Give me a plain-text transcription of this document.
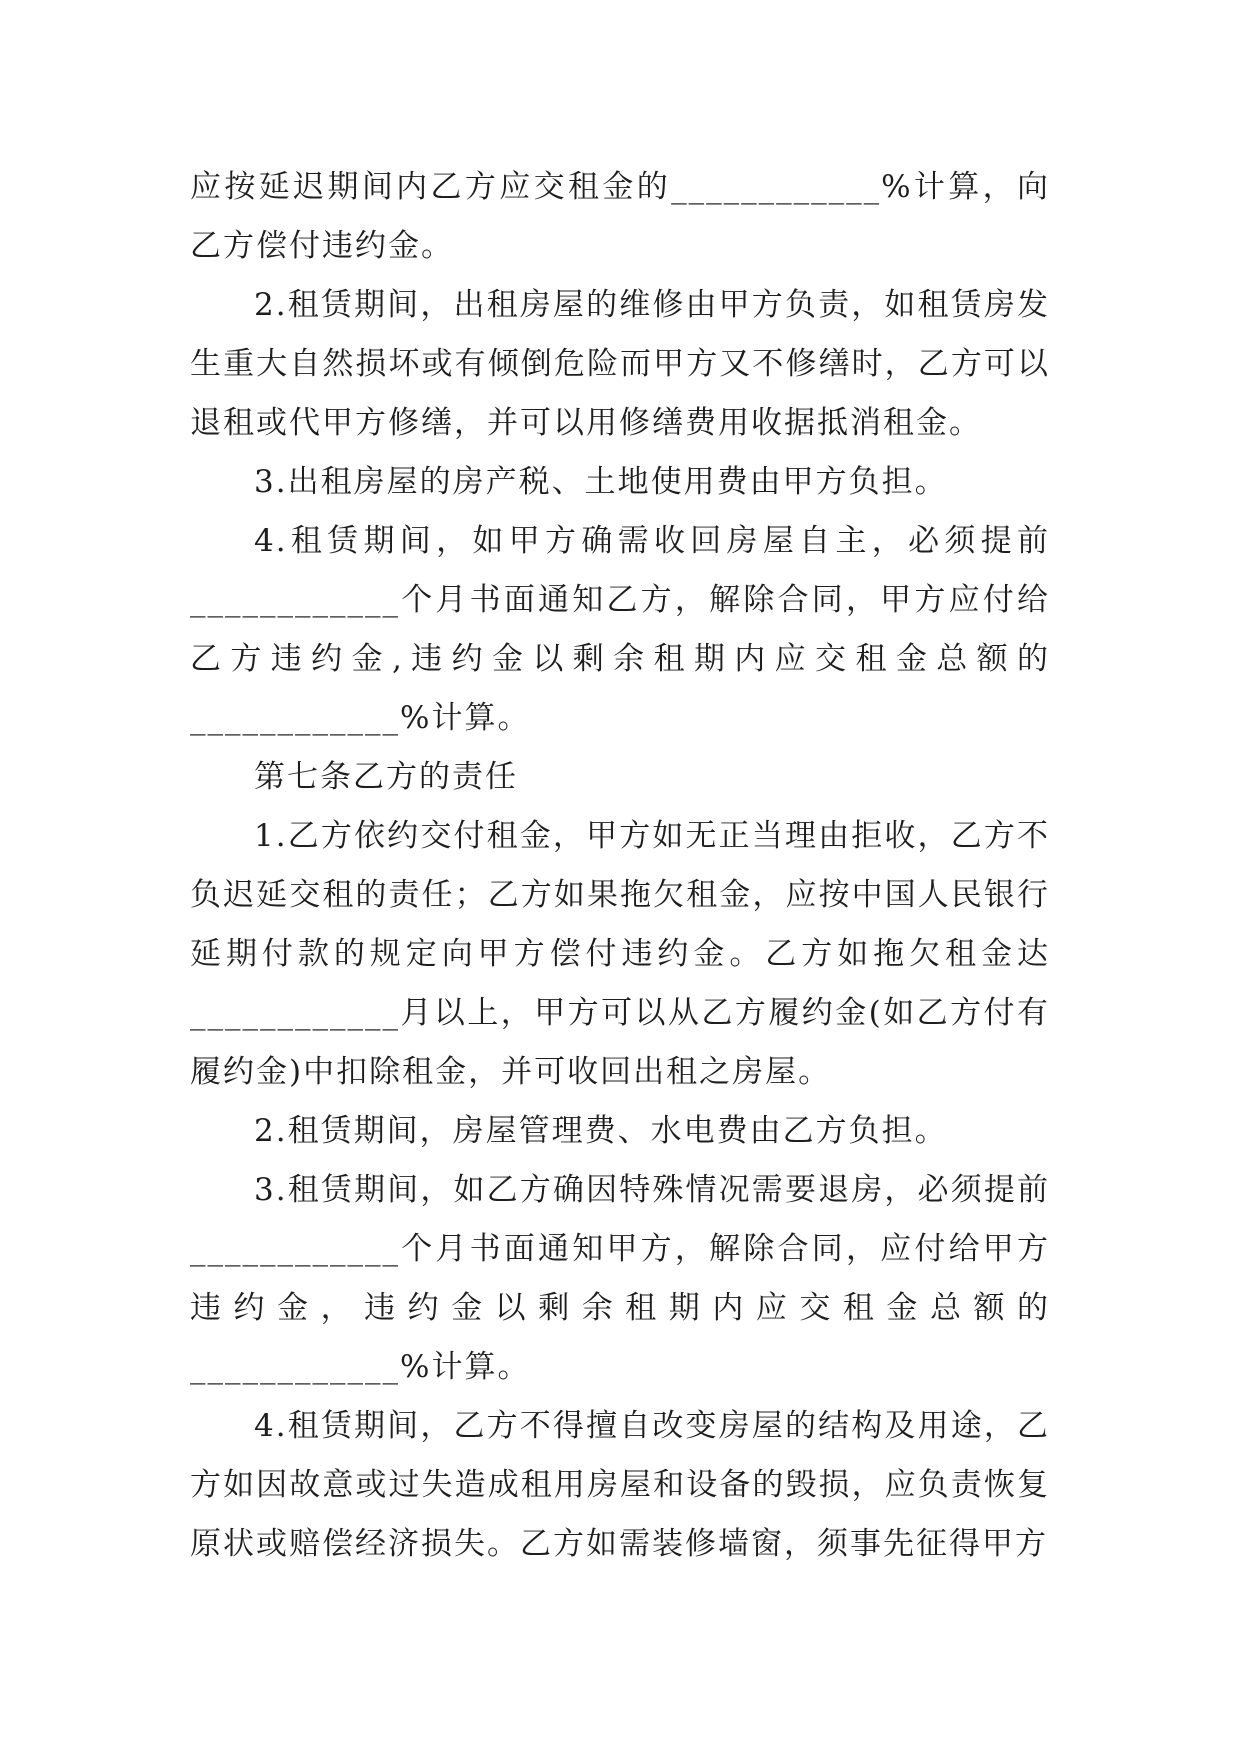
应按延迟期间内乙方应交租金的____________%计算，向乙方偿付违约金。

2.租赁期间，出租房屋的维修由甲方负责，如租赁房发生重大自然损坏或有倾倒危险而甲方又不修缮时，乙方可以退租或代甲方修缮，并可以用修缮费用收据抵消租金。

3.出租房屋的房产税、土地使用费由甲方负担。

4.租赁期间，如甲方确需收回房屋自主，必须提前____________个月书面通知乙方，解除合同，甲方应付给乙方违约金,违约金以剩余租期内应交租金总额的____________%计算。

第七条乙方的责任

1.乙方依约交付租金，甲方如无正当理由拒收，乙方不负迟延交租的责任；乙方如果拖欠租金，应按中国人民银行延期付款的规定向甲方偿付违约金。乙方如拖欠租金达____________月以上，甲方可以从乙方履约金(如乙方付有履约金)中扣除租金，并可收回出租之房屋。

2.租赁期间，房屋管理费、水电费由乙方负担。

3.租赁期间，如乙方确因特殊情况需要退房，必须提前____________个月书面通知甲方，解除合同，应付给甲方违约金，违约金以剩余租期内应交租金总额的____________%计算。

4.租赁期间，乙方不得擅自改变房屋的结构及用途，乙方如因故意或过失造成租用房屋和设备的毁损，应负责恢复原状或赔偿经济损失。乙方如需装修墙窗，须事先征得甲方
